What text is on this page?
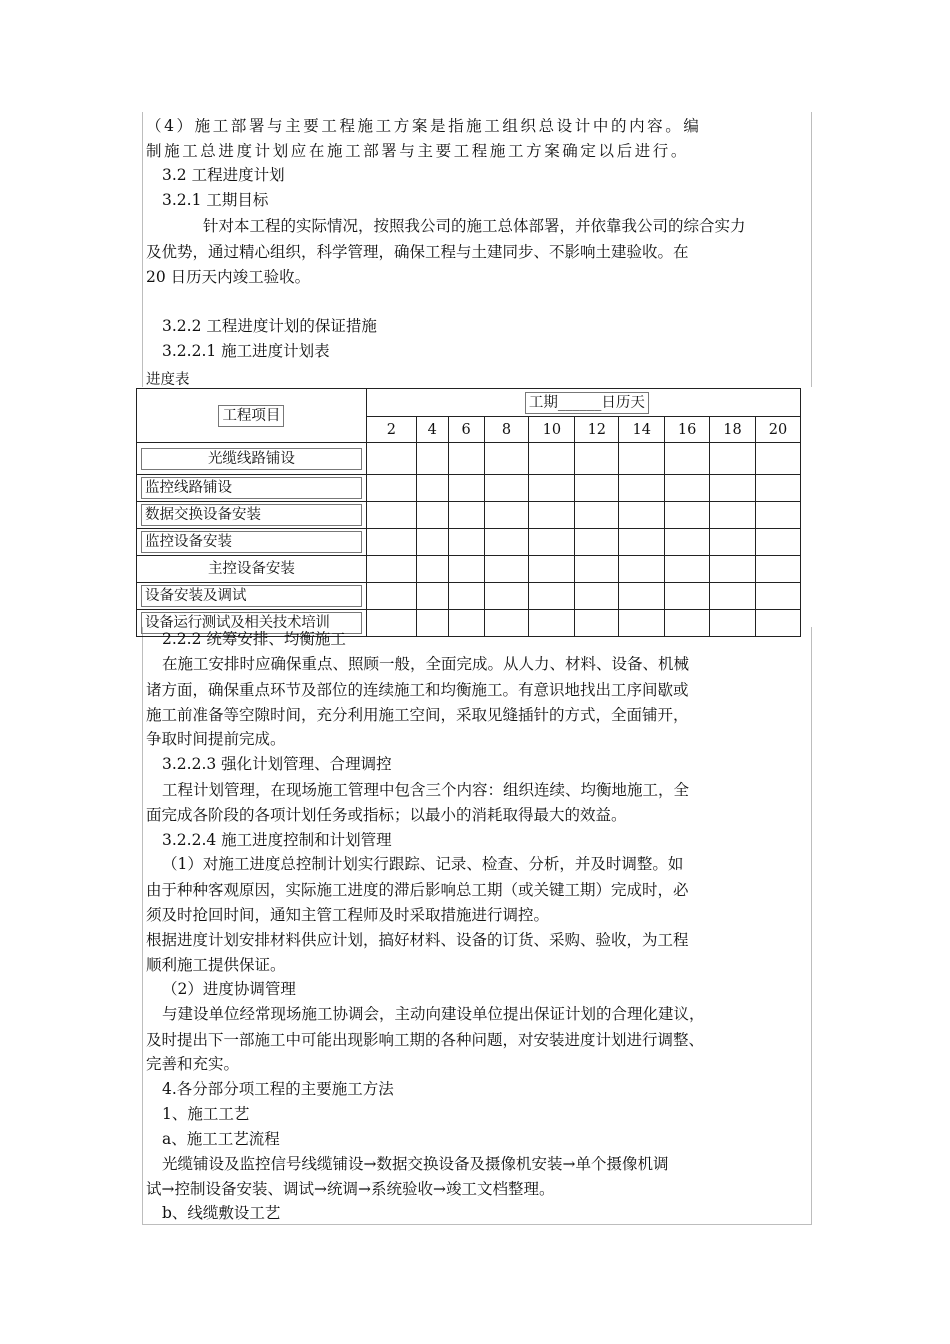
（4）施工部署与主要工程施工方案是指施工组织总设计中的内容。编
制施工总进度计划应在施工部署与主要工程施工方案确定以后进行。
3.2 工程进度计划
3.2.1 工期目标
针对本工程的实际情况，按照我公司的施工总体部署，并依靠我公司的综合实力
及优势，通过精心组织，科学管理，确保工程与土建同步、不影响土建验收。在
20 日历天内竣工验收。
3.2.2 工程进度计划的保证措施
3.2.2.1 施工进度计划表
进度表
工程项目	工期______日历天									
	2	4	6	8	10	12	14	16	18	20

光缆线路铺设										

监控线路铺设										

数据交换设备安装										

监控设备安装										

主控设备安装										

设备安装及调试										

设备运行测试及相关技术培训										

2.2.2 统筹安排、均衡施工
在施工安排时应确保重点、照顾一般，全面完成。从人力、材料、设备、机械
诸方面，确保重点环节及部位的连续施工和均衡施工。有意识地找出工序间歇或
施工前准备等空隙时间，充分利用施工空间，采取见缝插针的方式，全面铺开，
争取时间提前完成。
3.2.2.3 强化计划管理、合理调控
工程计划管理，在现场施工管理中包含三个内容：组织连续、均衡地施工，全
面完成各阶段的各项计划任务或指标；以最小的消耗取得最大的效益。
3.2.2.4 施工进度控制和计划管理
（1）对施工进度总控制计划实行跟踪、记录、检查、分析，并及时调整。如
由于种种客观原因，实际施工进度的滞后影响总工期（或关键工期）完成时，必
须及时抢回时间，通知主管工程师及时采取措施进行调控。
根据进度计划安排材料供应计划，搞好材料、设备的订货、采购、验收，为工程
顺利施工提供保证。
（2）进度协调管理
与建设单位经常现场施工协调会，主动向建设单位提出保证计划的合理化建议，
及时提出下一部施工中可能出现影响工期的各种问题，对安装进度计划进行调整、
完善和充实。
4.各分部分项工程的主要施工方法
1、施工工艺
a、施工工艺流程
光缆铺设及监控信号线缆铺设→数据交换设备及摄像机安装→单个摄像机调
试→控制设备安装、调试→统调→系统验收→竣工文档整理。
b、线缆敷设工艺
